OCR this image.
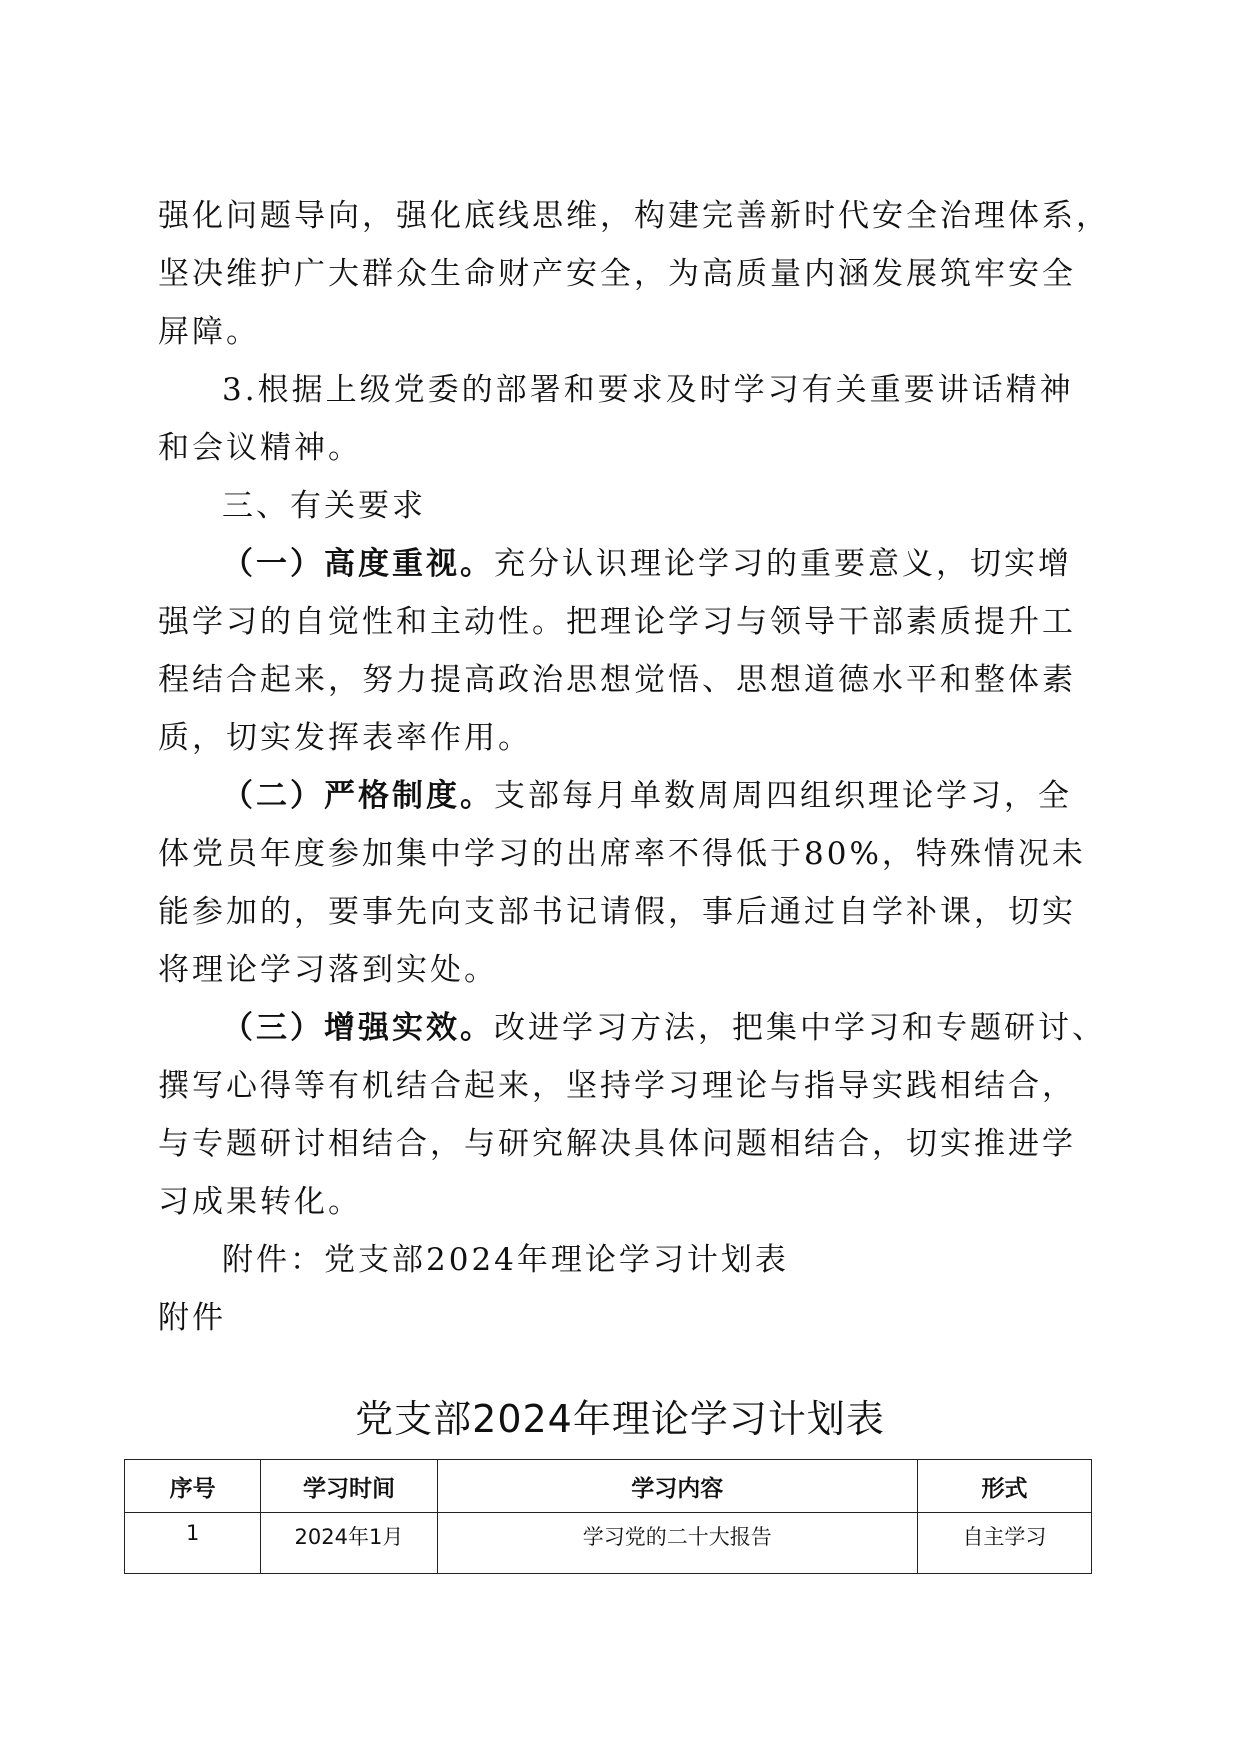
强化问题导向，强化底线思维，构建完善新时代安全治理体系，
坚决维护广大群众生命财产安全，为高质量内涵发展筑牢安全
屏障。
3.根据上级党委的部署和要求及时学习有关重要讲话精神
和会议精神。
三、有关要求
（一）高度重视。充分认识理论学习的重要意义，切实增
强学习的自觉性和主动性。把理论学习与领导干部素质提升工
程结合起来，努力提高政治思想觉悟、思想道德水平和整体素
质，切实发挥表率作用。
（二）严格制度。支部每月单数周周四组织理论学习，全
体党员年度参加集中学习的出席率不得低于80%，特殊情况未
能参加的，要事先向支部书记请假，事后通过自学补课，切实
将理论学习落到实处。
（三）增强实效。改进学习方法，把集中学习和专题研讨、
撰写心得等有机结合起来，坚持学习理论与指导实践相结合，
与专题研讨相结合，与研究解决具体问题相结合，切实推进学
习成果转化。
附件：党支部2024年理论学习计划表
附件
党支部2024年理论学习计划表
序号	学习时间	学习内容	形式
1	2024年1月	学习党的二十大报告	自主学习
